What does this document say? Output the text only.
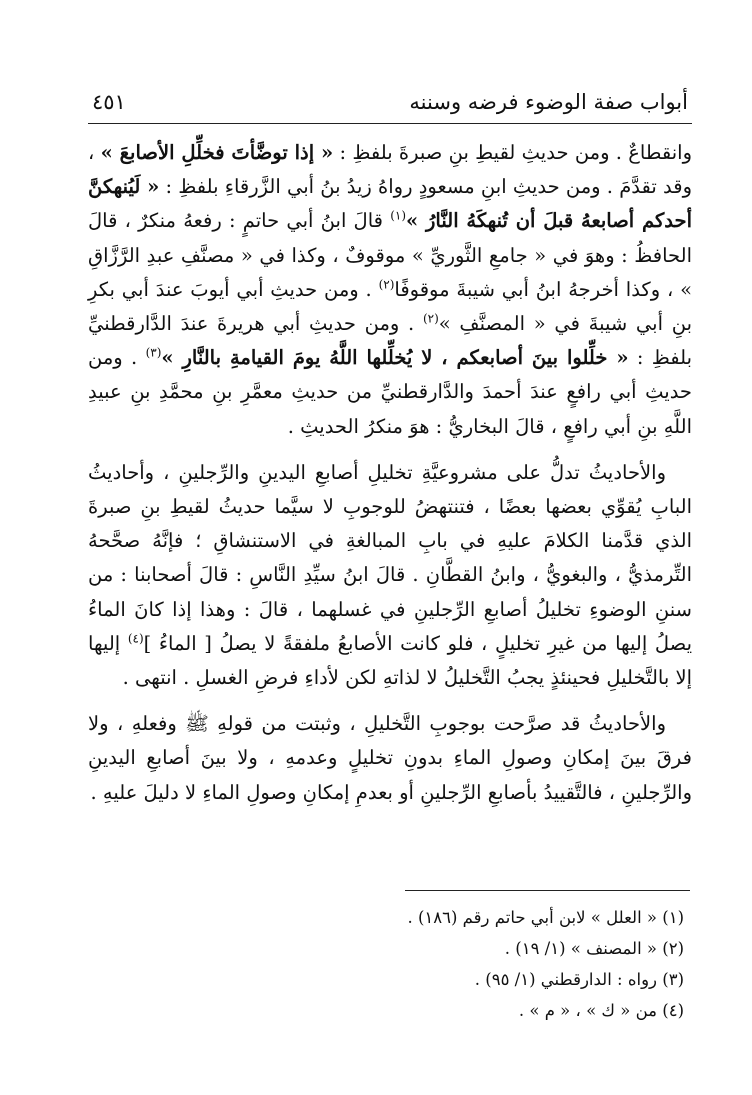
أبواب صفة الوضوء فرضه وسننه
٤٥١

وانقطاعٌ . ومن حديثِ لقيطِ بنِ صبرةَ بلفظِ : « إذا توضَّأتَ فخلِّلِ الأصابعَ » ، وقد تقدَّمَ . ومن حديثِ ابنِ مسعودٍ رواهُ زيدُ بنُ أبي الزَّرقاءِ بلفظِ : « لَيُنهكنَّ أحدكم أصابعهُ قبلَ أن تُنهكَهُ النَّارُ »$^{(١)}$ قالَ ابنُ أبي حاتمٍ : رفعهُ منكرٌ ، قالَ الحافظُ : وهوَ في « جامعِ الثَّوريِّ » موقوفٌ ، وكذا في « مصنَّفِ عبدِ الرَّزَّاقِ » ، وكذا أخرجهُ ابنُ أبي شيبةَ موقوفًا$^{(٢)}$ . ومن حديثِ أبي أيوبَ عندَ أبي بكرِ بنِ أبي شيبةَ في « المصنَّفِ »$^{(٢)}$ . ومن حديثِ أبي هريرةَ عندَ الدَّارقطنيِّ بلفظِ : « خلِّلوا بينَ أصابعكم ، لا يُخلِّلها اللَّهُ يومَ القيامةِ بالنَّارِ »$^{(٣)}$ . ومن حديثِ أبي رافعٍ عندَ أحمدَ والدَّارقطنيِّ من حديثِ معمَّرِ بنِ محمَّدِ بنِ عبيدِ اللَّهِ بنِ أبي رافعٍ ، قالَ البخاريُّ : هوَ منكرُ الحديثِ .

والأحاديثُ تدلُّ على مشروعيَّةِ تخليلِ أصابعِ اليدينِ والرِّجلينِ ، وأحاديثُ البابِ يُقوِّي بعضها بعضًا ، فتنتهضُ للوجوبِ لا سيَّما حديثُ لقيطِ بنِ صبرةَ الذي قدَّمنا الكلامَ عليهِ في بابِ المبالغةِ في الاستنشاقِ ؛ فإنَّهُ صحَّحهُ التِّرمذيُّ ، والبغويُّ ، وابنُ القطَّانِ . قالَ ابنُ سيِّدِ النَّاسِ : قالَ أصحابنا : من سننِ الوضوءِ تخليلُ أصابعِ الرِّجلينِ في غسلهما ، قالَ : وهذا إذا كانَ الماءُ يصلُ إليها من غيرِ تخليلٍ ، فلو كانت الأصابعُ ملفقةً لا يصلُ [ الماءُ ]$^{(٤)}$ إليها إلا بالتَّخليلِ فحينئذٍ يجبُ التَّخليلُ لا لذاتهِ لكن لأداءِ فرضِ الغسلِ . انتهى .

والأحاديثُ قد صرَّحت بوجوبِ التَّخليلِ ، وثبتت من قولهِ ﷺ وفعلهِ ، ولا فرقَ بينَ إمكانِ وصولِ الماءِ بدونِ تخليلٍ وعدمهِ ، ولا بينَ أصابعِ اليدينِ والرِّجلينِ ، فالتَّقييدُ بأصابعِ الرِّجلينِ أو بعدمِ إمكانِ وصولِ الماءِ لا دليلَ عليهِ .

(١) « العلل » لابن أبي حاتم رقم (١٨٦) .
(٢) « المصنف » (١/ ١٩) .
(٣) رواه : الدارقطني (١/ ٩٥) .
(٤) من « ك » ، « م » .
